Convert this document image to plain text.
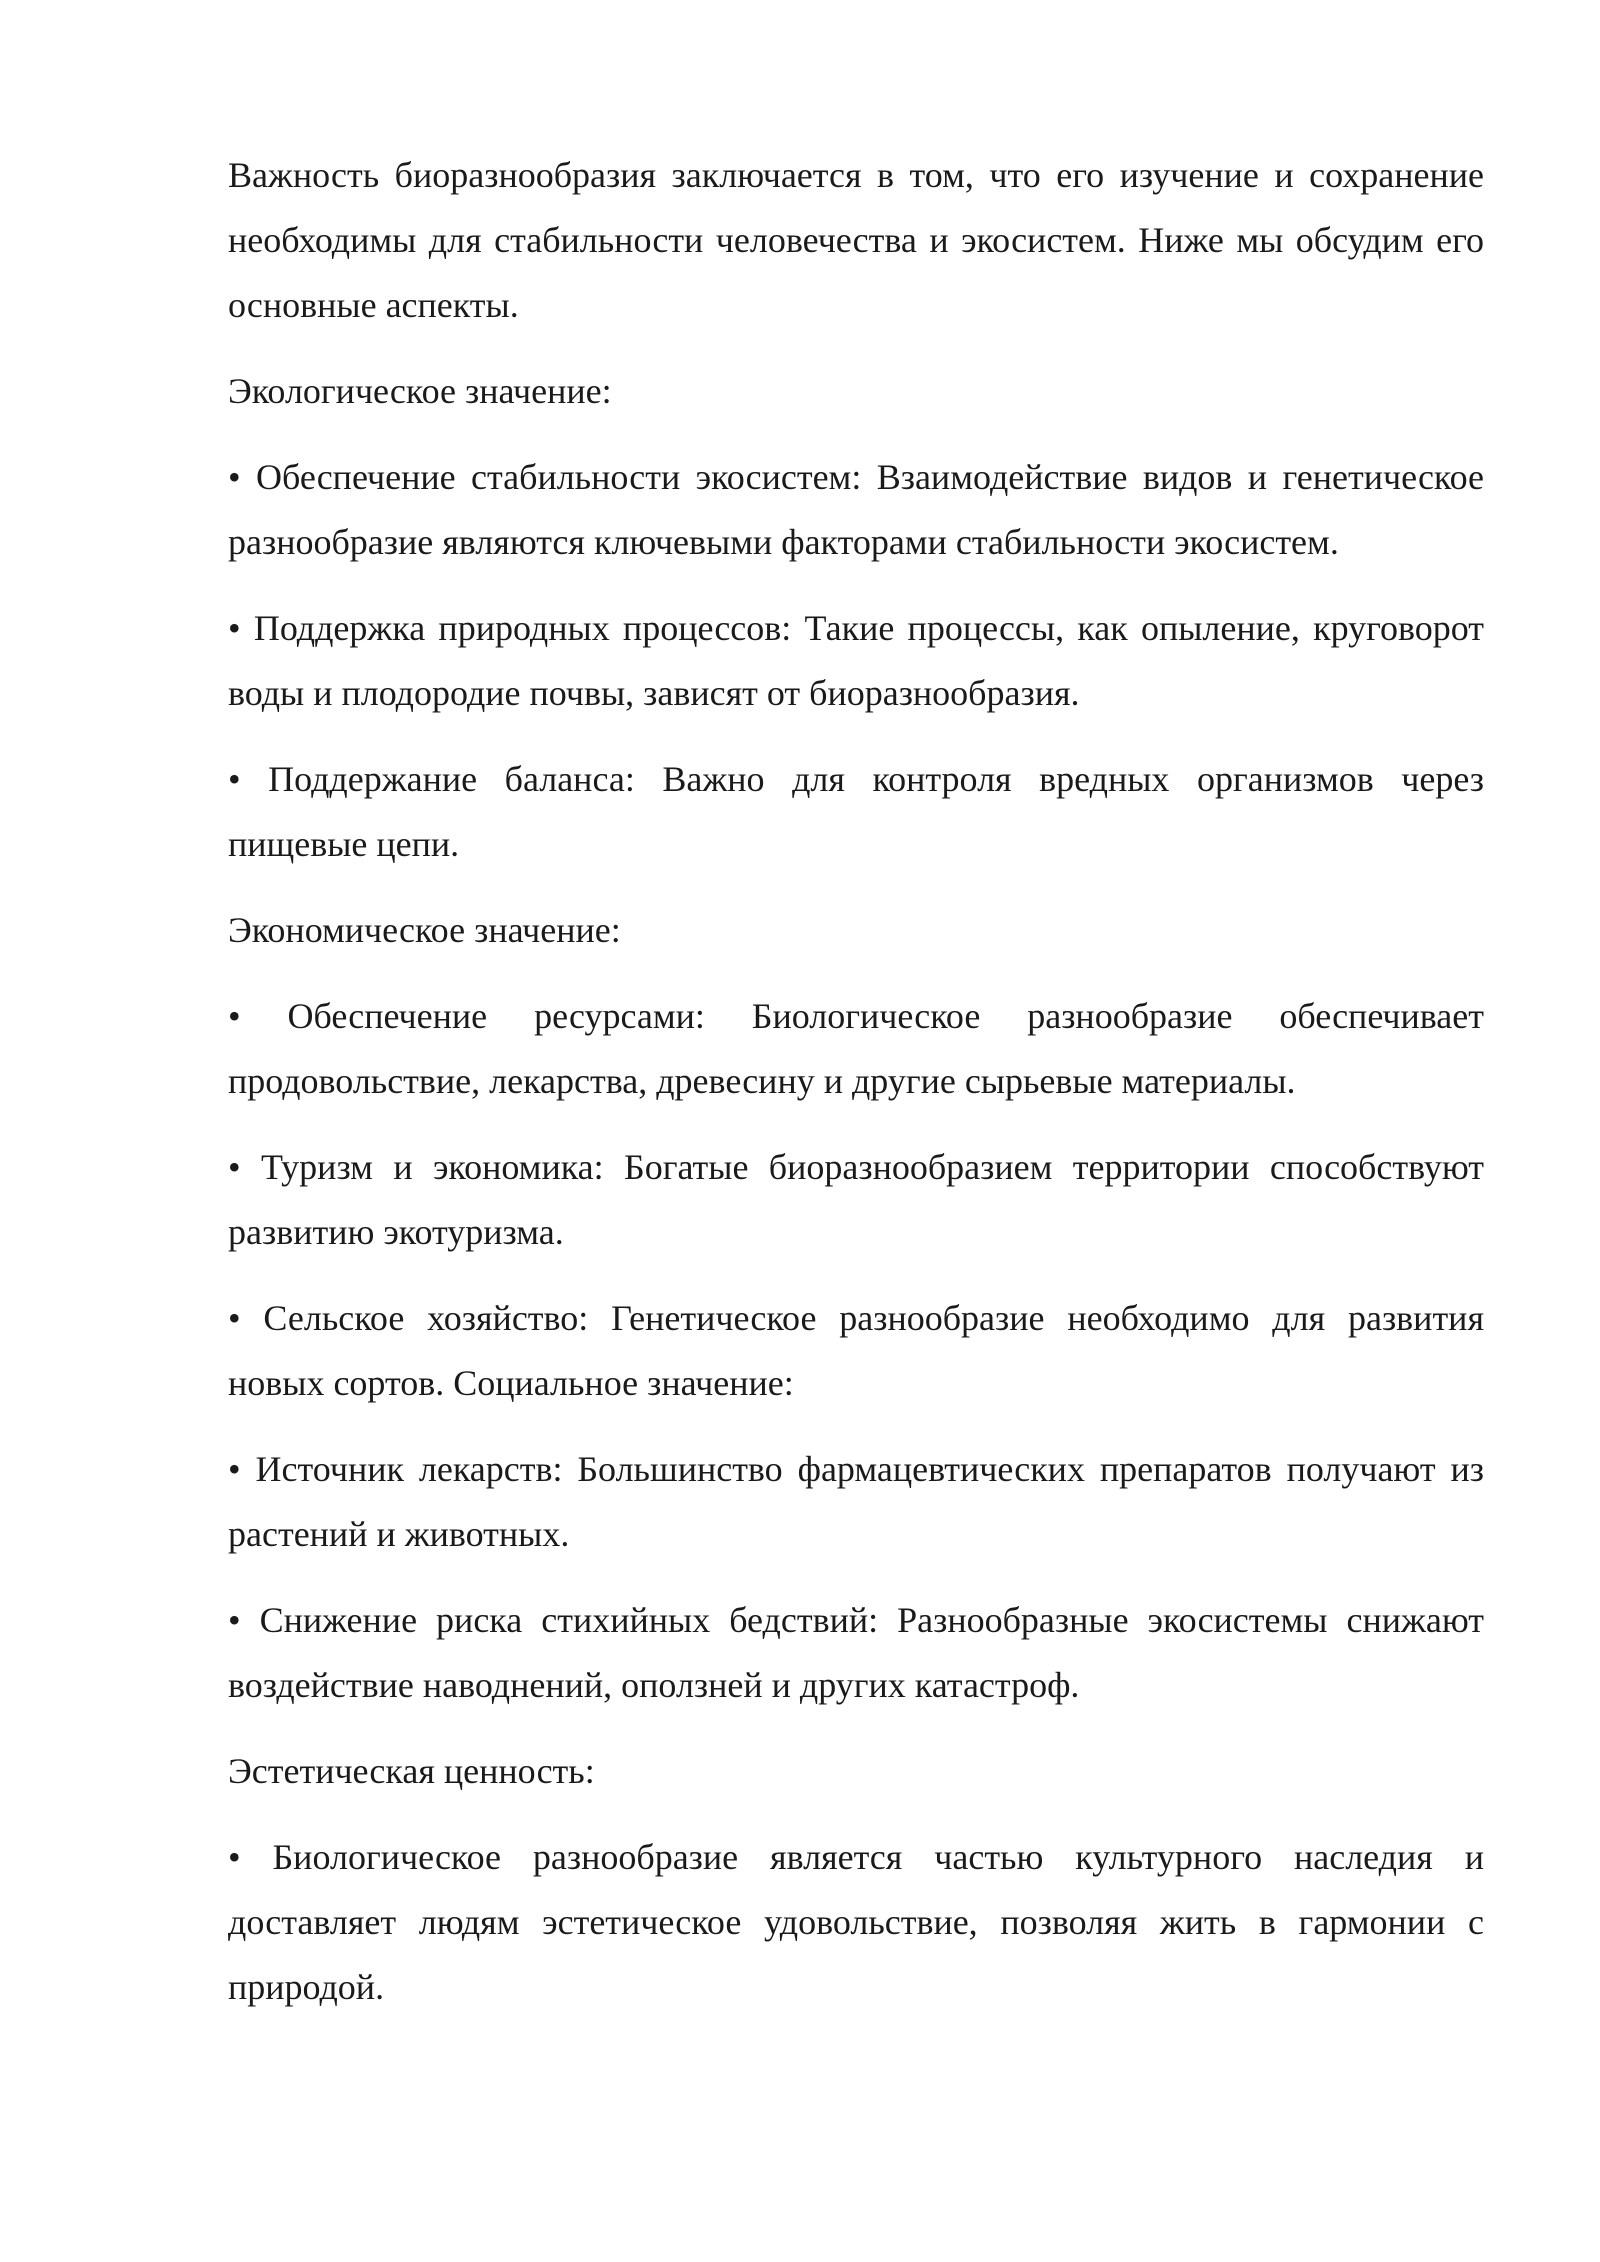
Важность биоразнообразия заключается в том, что его изучение и сохранение необходимы для стабильности человечества и экосистем. Ниже мы обсудим его основные аспекты.

Экологическое значение:

• Обеспечение стабильности экосистем: Взаимодействие видов и генетическое разнообразие являются ключевыми факторами стабильности экосистем.

• Поддержка природных процессов: Такие процессы, как опыление, круговорот воды и плодородие почвы, зависят от биоразнообразия.

• Поддержание баланса: Важно для контроля вредных организмов через пищевые цепи.

Экономическое значение:

• Обеспечение ресурсами: Биологическое разнообразие обеспечивает продовольствие, лекарства, древесину и другие сырьевые материалы.

• Туризм и экономика: Богатые биоразнообразием территории способствуют развитию экотуризма.

• Сельское хозяйство: Генетическое разнообразие необходимо для развития новых сортов. Социальное значение:

• Источник лекарств: Большинство фармацевтических препаратов получают из растений и животных.

• Снижение риска стихийных бедствий: Разнообразные экосистемы снижают воздействие наводнений, оползней и других катастроф.

Эстетическая ценность:

• Биологическое разнообразие является частью культурного наследия и доставляет людям эстетическое удовольствие, позволяя жить в гармонии с природой.
